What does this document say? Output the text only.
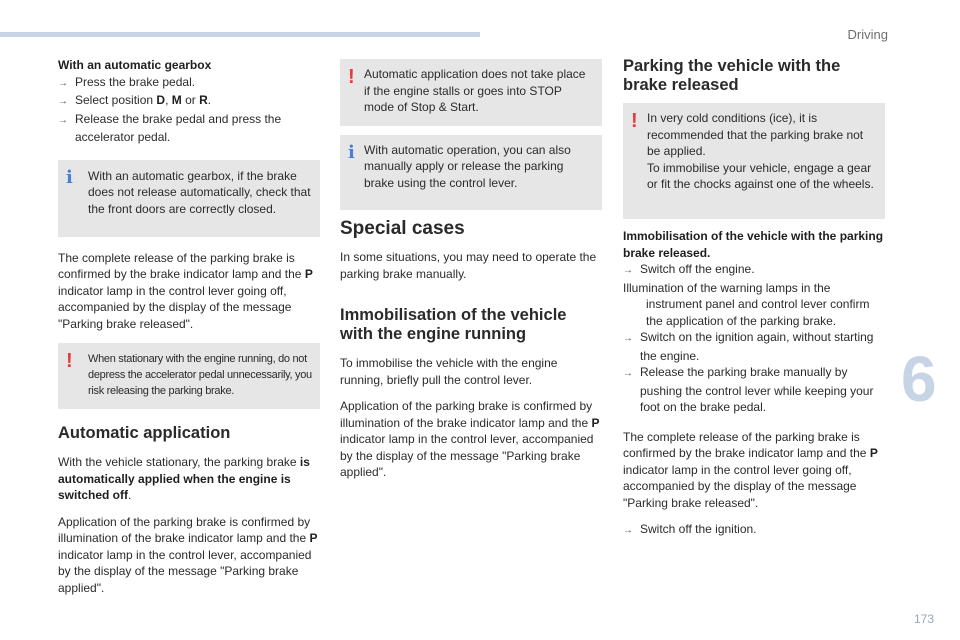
Driving
6
173

With an automatic gearbox

→ Press the brake pedal.

→ Select position D, M or R.

→ Release the brake pedal and press the accelerator pedal.

i With an automatic gearbox, if the brake does not release automatically, check that the front doors are correctly closed.

The complete release of the parking brake is confirmed by the brake indicator lamp and the P indicator lamp in the control lever going off, accompanied by the display of the message "Parking brake released".

! When stationary with the engine running, do not depress the accelerator pedal unnecessarily, you risk releasing the parking brake.

Automatic application

With the vehicle stationary, the parking brake is automatically applied when the engine is switched off.

Application of the parking brake is confirmed by illumination of the brake indicator lamp and the P indicator lamp in the control lever, accompanied by the display of the message "Parking brake applied".

! Automatic application does not take place if the engine stalls or goes into STOP mode of Stop & Start.

i With automatic operation, you can also manually apply or release the parking brake using the control lever.

Special cases

In some situations, you may need to operate the parking brake manually.

Immobilisation of the vehicle with the engine running

To immobilise the vehicle with the engine running, briefly pull the control lever.

Application of the parking brake is confirmed by illumination of the brake indicator lamp and the P indicator lamp in the control lever, accompanied by the display of the message "Parking brake applied".

Parking the vehicle with the brake released
! In very cold conditions (ice), it is recommended that the parking brake not be applied.

To immobilise your vehicle, engage a gear or fit the chocks against one of the wheels.

Immobilisation of the vehicle with the parking brake released.

→ Switch off the engine.

Illumination of the warning lamps in the instrument panel and control lever confirm the application of the parking brake.

→ Switch on the ignition again, without starting the engine.

→ Release the parking brake manually by pushing the control lever while keeping your foot on the brake pedal.

The complete release of the parking brake is confirmed by the brake indicator lamp and the P indicator lamp in the control lever going off, accompanied by the display of the message "Parking brake released".

→ Switch off the ignition.
